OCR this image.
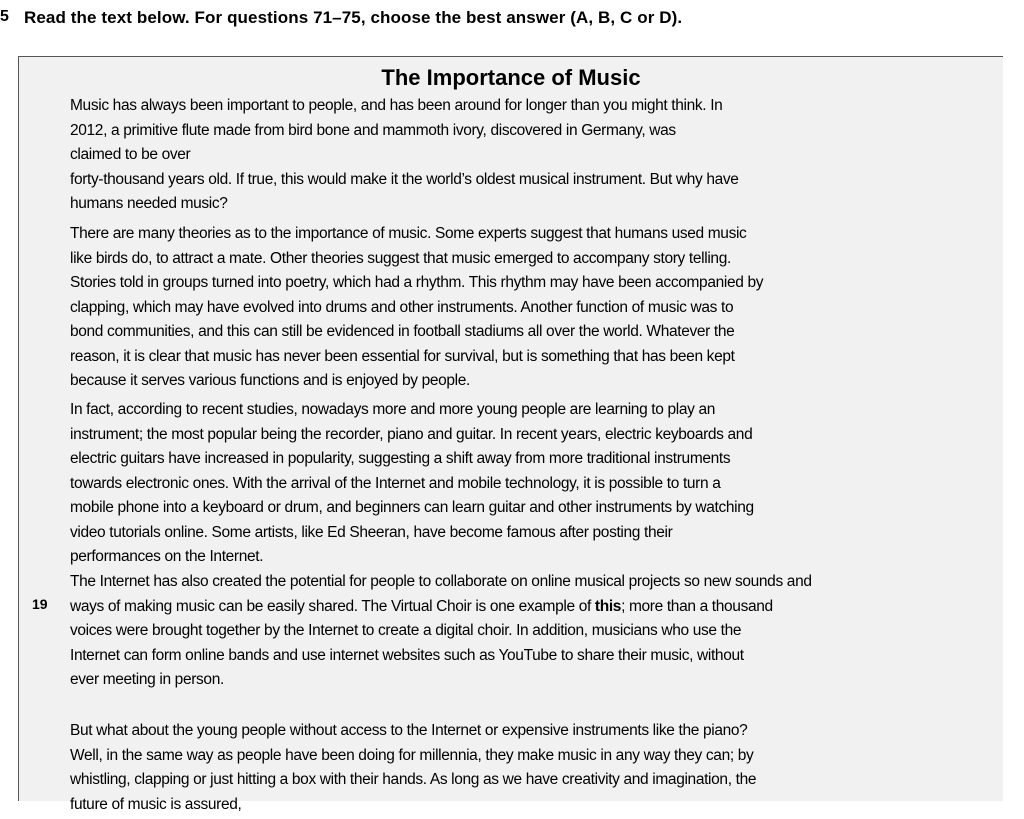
5 Read the text below. For questions 71–75, choose the best answer (A, B, C or D).
The Importance of Music
Music has always been important to people, and has been around for longer than you might think. In
2012, a primitive flute made from bird bone and mammoth ivory, discovered in Germany, was
claimed to be over
forty-thousand years old. If true, this would make it the world’s oldest musical instrument. But why have
humans needed music?
There are many theories as to the importance of music. Some experts suggest that humans used music
like birds do, to attract a mate. Other theories suggest that music emerged to accompany story telling.
Stories told in groups turned into poetry, which had a rhythm. This rhythm may have been accompanied by
clapping, which may have evolved into drums and other instruments. Another function of music was to
bond communities, and this can still be evidenced in football stadiums all over the world. Whatever the
reason, it is clear that music has never been essential for survival, but is something that has been kept
because it serves various functions and is enjoyed by people.
In fact, according to recent studies, nowadays more and more young people are learning to play an
instrument; the most popular being the recorder, piano and guitar. In recent years, electric keyboards and
electric guitars have increased in popularity, suggesting a shift away from more traditional instruments
towards electronic ones. With the arrival of the Internet and mobile technology, it is possible to turn a
mobile phone into a keyboard or drum, and beginners can learn guitar and other instruments by watching
video tutorials online. Some artists, like Ed Sheeran, have become famous after posting their
performances on the Internet.
19
The Internet has also created the potential for people to collaborate on online musical projects so new sounds and
ways of making music can be easily shared. The Virtual Choir is one example of this; more than a thousand
voices were brought together by the Internet to create a digital choir. In addition, musicians who use the
Internet can form online bands and use internet websites such as YouTube to share their music, without
ever meeting in person.
But what about the young people without access to the Internet or expensive instruments like the piano?
Well, in the same way as people have been doing for millennia, they make music in any way they can; by
whistling, clapping or just hitting a box with their hands. As long as we have creativity and imagination, the
future of music is assured,
